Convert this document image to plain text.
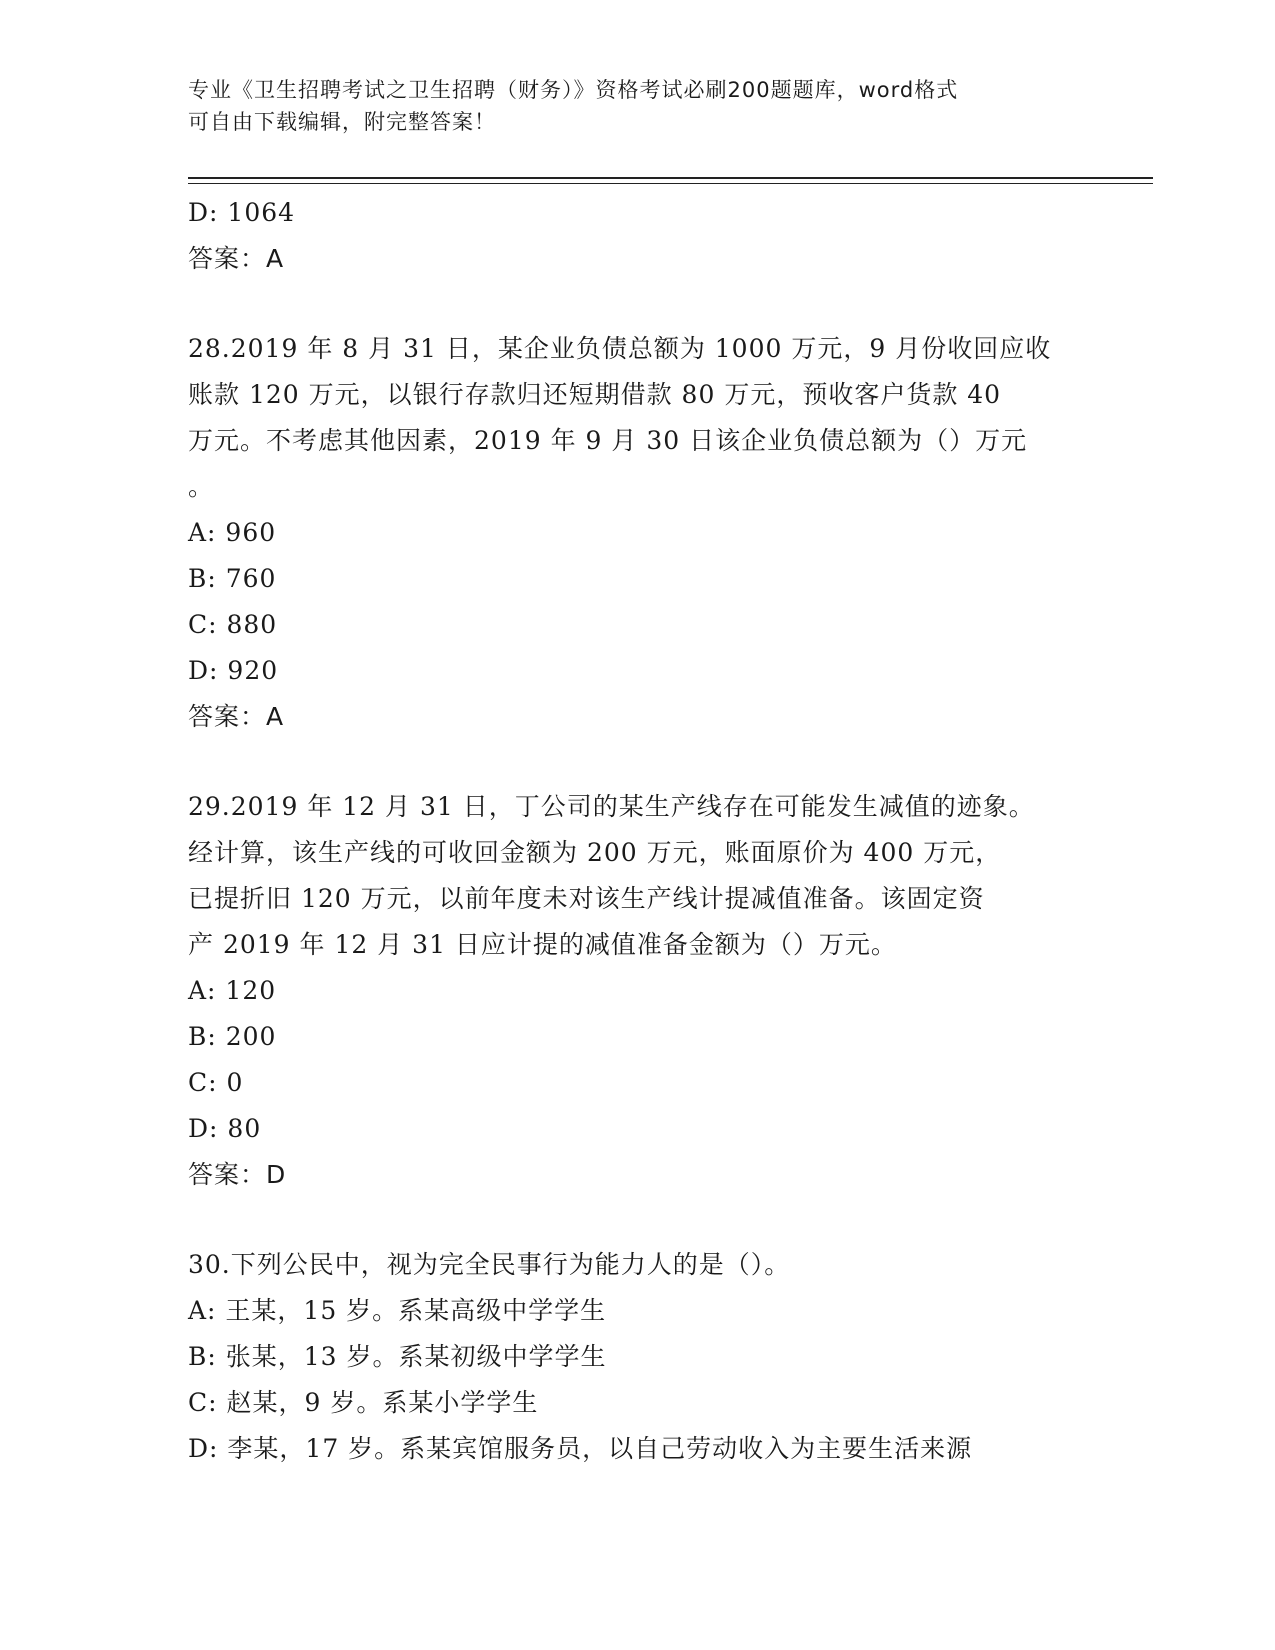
专业《卫生招聘考试之卫生招聘（财务）》资格考试必刷200题题库，word格式
可自由下载编辑，附完整答案！
D: 1064
答案：A
28.2019 年 8 月 31 日，某企业负债总额为 1000 万元，9 月份收回应收
账款 120 万元，以银行存款归还短期借款 80 万元，预收客户货款 40
万元。不考虑其他因素，2019 年 9 月 30 日该企业负债总额为（）万元
。
A: 960
B: 760
C: 880
D: 920
答案：A
29.2019 年 12 月 31 日，丁公司的某生产线存在可能发生减值的迹象。
经计算，该生产线的可收回金额为 200 万元，账面原价为 400 万元，
已提折旧 120 万元，以前年度未对该生产线计提减值准备。该固定资
产 2019 年 12 月 31 日应计提的减值准备金额为（）万元。
A: 120
B: 200
C: 0
D: 80
答案：D
30.下列公民中，视为完全民事行为能力人的是（）。
A: 王某，15 岁。系某高级中学学生
B: 张某，13 岁。系某初级中学学生
C: 赵某，9 岁。系某小学学生
D: 李某，17 岁。系某宾馆服务员，以自己劳动收入为主要生活来源
